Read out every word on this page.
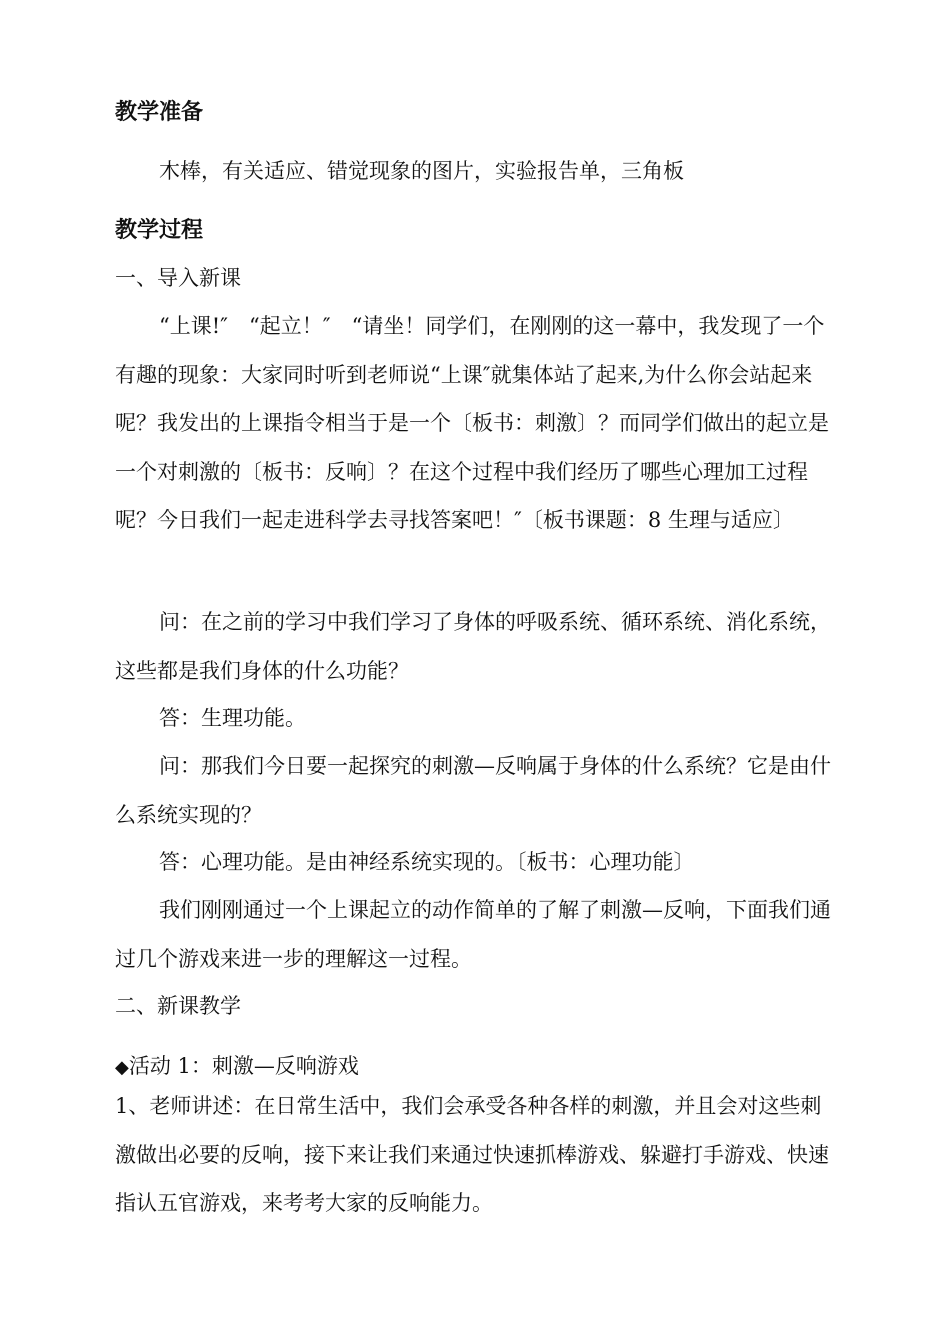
教学准备

木棒，有关适应、错觉现象的图片，实验报告单，三角板

教学过程

一、导入新课

“上课!″　“起立！″　“请坐！同学们，在刚刚的这一幕中，我发现了一个有趣的现象：大家同时听到老师说“上课″就集体站了起来,为什么你会站起来呢？我发出的上课指令相当于是一个〔板书：刺激〕？而同学们做出的起立是一个对刺激的〔板书：反响〕？在这个过程中我们经历了哪些心理加工过程呢？今日我们一起走进科学去寻找答案吧！″〔板书课题：8 生理与适应〕

问：在之前的学习中我们学习了身体的呼吸系统、循环系统、消化系统，这些都是我们身体的什么功能？

答：生理功能。

问：那我们今日要一起探究的刺激—反响属于身体的什么系统？它是由什么系统实现的？

答：心理功能。是由神经系统实现的。〔板书：心理功能〕

我们刚刚通过一个上课起立的动作简单的了解了刺激—反响，下面我们通过几个游戏来进一步的理解这一过程。

二、新课教学

◆活动 1：刺激—反响游戏

1、老师讲述：在日常生活中，我们会承受各种各样的刺激，并且会对这些刺激做出必要的反响，接下来让我们来通过快速抓棒游戏、躲避打手游戏、快速指认五官游戏，来考考大家的反响能力。
